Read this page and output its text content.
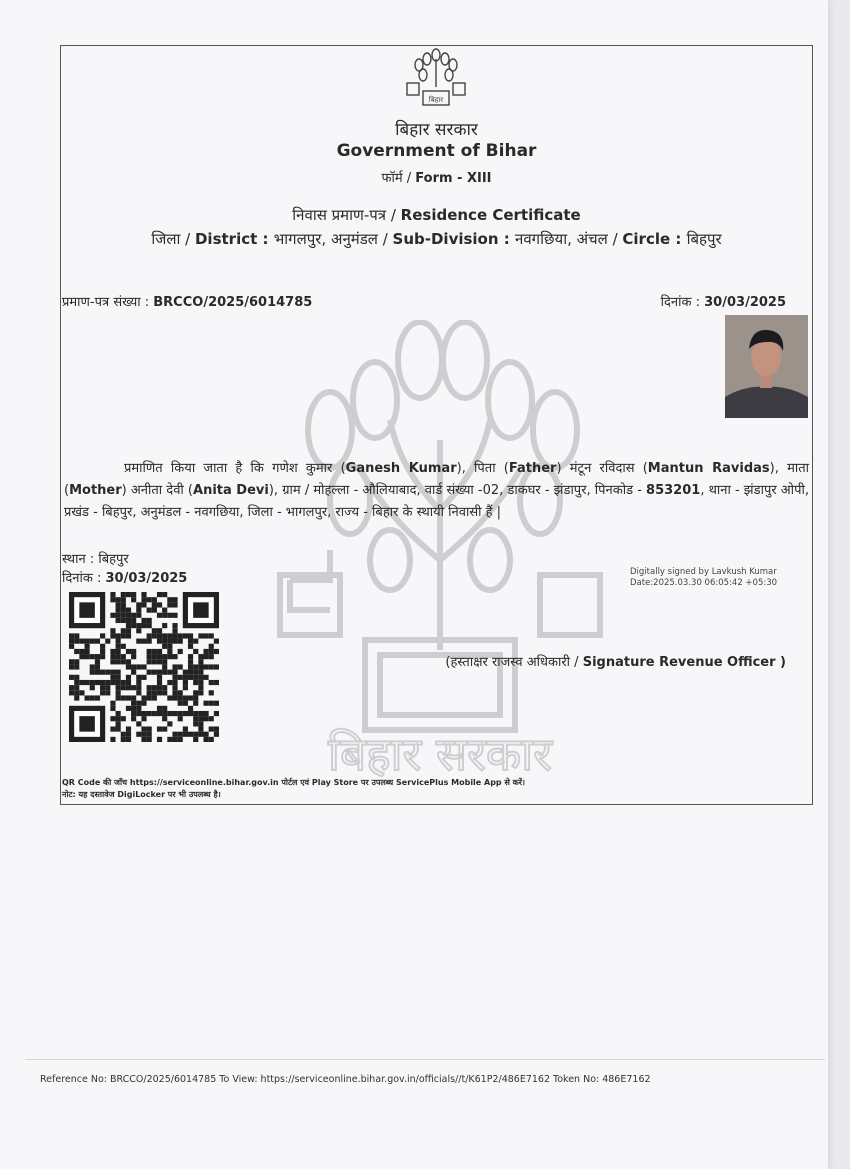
बिहार सरकार
बिहार
बिहार सरकार
Government of Bihar
फॉर्म / Form - XIII
निवास प्रमाण-पत्र / Residence Certificate
जिला / District : भागलपुर, अनुमंडल / Sub-Division : नवगछिया, अंचल / Circle : बिहपुर
प्रमाण-पत्र संख्या : BRCCO/2025/6014785	दिनांक : 30/03/2025
प्रमाणित किया जाता है कि गणेश कुमार (Ganesh Kumar), पिता (Father) मंटून रविदास (Mantun Ravidas), माता (Mother) अनीता देवी (Anita Devi), ग्राम / मोहल्ला - औलियाबाद, वार्ड संख्या -02, डाकघर - झंडापुर, पिनकोड - 853201, थाना - झंडापुर ओपी, प्रखंड - बिहपुर, अनुमंडल - नवगछिया, जिला - भागलपुर, राज्य - बिहार के स्थायी निवासी हैं |
स्थान : बिहपुर
दिनांक : 30/03/2025	Digitally signed by Lavkush Kumar
Date:2025.03.30 06:05:42 +05:30
(हस्ताक्षर राजस्व अधिकारी / Signature Revenue Officer )
QR Code की जाँच https://serviceonline.bihar.gov.in पोर्टल एवं Play Store पर उपलब्ध ServicePlus Mobile App से करें।
नोट: यह दस्तावेज DigiLocker पर भी उपलब्ध है।
Reference No: BRCCO/2025/6014785 To View: https://serviceonline.bihar.gov.in/officials//t/K61P2/486E7162 Token No: 486E7162
